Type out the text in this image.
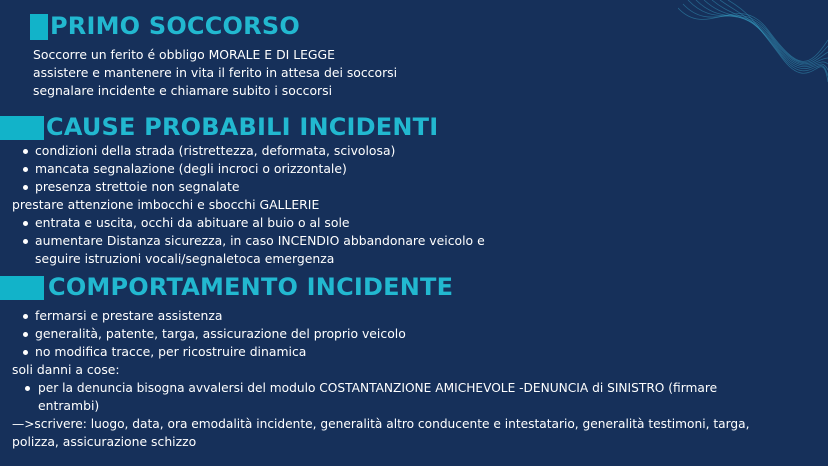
PRIMO SOCCORSO

Soccorre un ferito é obbligo MORALE E DI LEGGE

assistere e mantenere in vita il ferito in attesa dei soccorsi

segnalare incidente e chiamare subito i soccorsi

CAUSE PROBABILI INCIDENTI

condizioni della strada (ristrettezza, deformata, scivolosa)

mancata segnalazione (degli incroci o orizzontale)

presenza strettoie non segnalate

prestare attenzione imbocchi e sbocchi GALLERIE

entrata e uscita, occhi da abituare al buio o al sole

aumentare Distanza sicurezza, in caso INCENDIO abbandonare veicolo e

seguire istruzioni vocali/segnaletoca emergenza

COMPORTAMENTO INCIDENTE

fermarsi e prestare assistenza

generalità, patente, targa, assicurazione del proprio veicolo

no modifica tracce, per ricostruire dinamica

soli danni a cose:

per la denuncia bisogna avvalersi del modulo COSTANTANZIONE AMICHEVOLE -DENUNCIA di SINISTRO (firmare

entrambi)

—>scrivere: luogo, data, ora emodalità incidente, generalità altro conducente e intestatario, generalità testimoni, targa,

polizza, assicurazione schizzo
